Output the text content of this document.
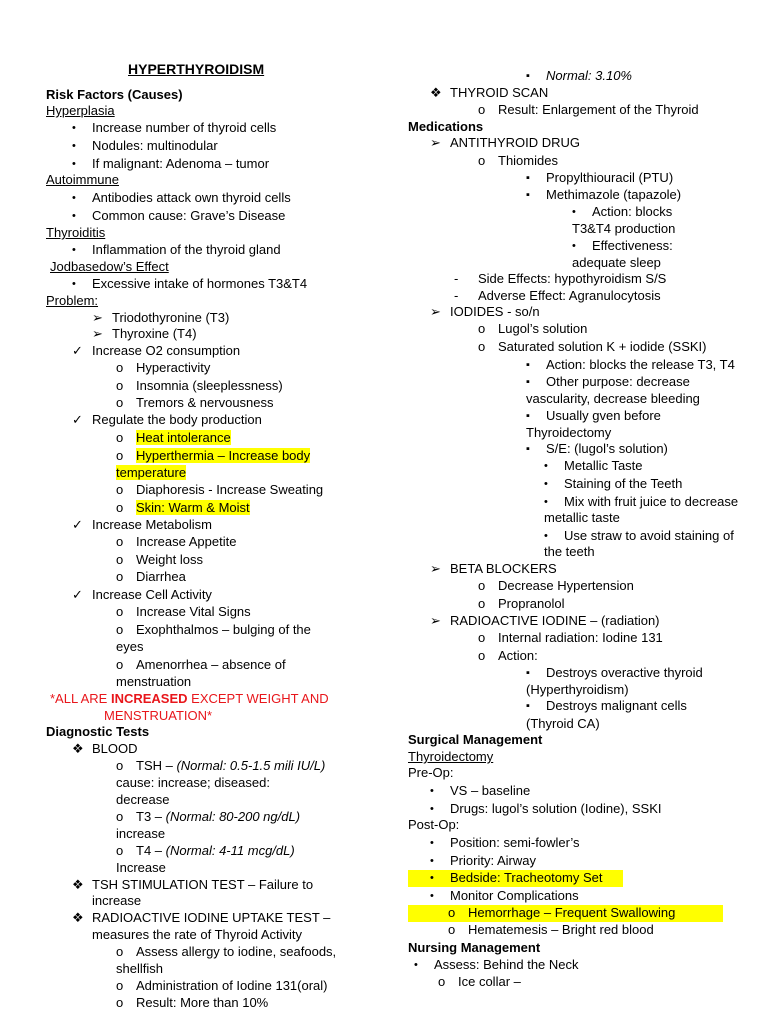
HYPERTHYROIDISM
Risk Factors (Causes)
Hyperplasia
• Increase number of thyroid cells
• Nodules: multinodular
• If malignant: Adenoma – tumor
Autoimmune
• Antibodies attack own thyroid cells
• Common cause: Grave’s Disease
Thyroiditis
• Inflammation of the thyroid gland
Jodbasedow’s Effect
• Excessive intake of hormones T3&T4
Problem:
➢ Triodothyronine (T3)
➢ Thyroxine (T4)
✓ Increase O2 consumption
o Hyperactivity
o Insomnia (sleeplessness)
o Tremors & nervousness
✓ Regulate the body production
o Heat intolerance
o Hyperthermia – Increase body
temperature
o Diaphoresis - Increase Sweating
o Skin: Warm & Moist
✓ Increase Metabolism
o Increase Appetite
o Weight loss
o Diarrhea
✓ Increase Cell Activity
o Increase Vital Signs
o Exophthalmos – bulging of the
eyes
o Amenorrhea – absence of
menstruation
*ALL ARE INCREASED EXCEPT WEIGHT AND
MENSTRUATION*
Diagnostic Tests
❖ BLOOD
o TSH – (Normal: 0.5-1.5 mili IU/L)
cause: increase; diseased:
decrease
o T3 – (Normal: 80-200 ng/dL)
increase
o T4 – (Normal: 4-11 mcg/dL)
Increase
❖ TSH STIMULATION TEST – Failure to
increase
❖ RADIOACTIVE IODINE UPTAKE TEST –
measures the rate of Thyroid Activity
o Assess allergy to iodine, seafoods,
shellfish
o Administration of Iodine 131(oral)
o Result: More than 10%
▪ Normal: 3.10%
❖ THYROID SCAN
o Result: Enlargement of the Thyroid
Medications
➢ ANTITHYROID DRUG
o Thiomides
▪ Propylthiouracil (PTU)
▪ Methimazole (tapazole)
• Action: blocks
T3&T4 production
• Effectiveness:
adequate sleep
- Side Effects: hypothyroidism S/S
- Adverse Effect: Agranulocytosis
➢ IODIDES - so/n
o Lugol’s solution
o Saturated solution K + iodide (SSKI)
▪ Action: blocks the release T3, T4
▪ Other purpose: decrease
vascularity, decrease bleeding
▪ Usually gven before
Thyroidectomy
▪ S/E: (lugol’s solution)
• Metallic Taste
• Staining of the Teeth
• Mix with fruit juice to decrease
metallic taste
• Use straw to avoid staining of
the teeth
➢ BETA BLOCKERS
o Decrease Hypertension
o Propranolol
➢ RADIOACTIVE IODINE – (radiation)
o Internal radiation: Iodine 131
o Action:
▪ Destroys overactive thyroid
(Hyperthyroidism)
▪ Destroys malignant cells
(Thyroid CA)
Surgical Management
Thyroidectomy
Pre-Op:
• VS – baseline
• Drugs: lugol’s solution (Iodine), SSKI
Post-Op:
• Position: semi-fowler’s
• Priority: Airway
• Bedside: Tracheotomy Set
• Monitor Complications
o Hemorrhage – Frequent Swallowing
o Hematemesis – Bright red blood
Nursing Management
• Assess: Behind the Neck
o Ice collar –
